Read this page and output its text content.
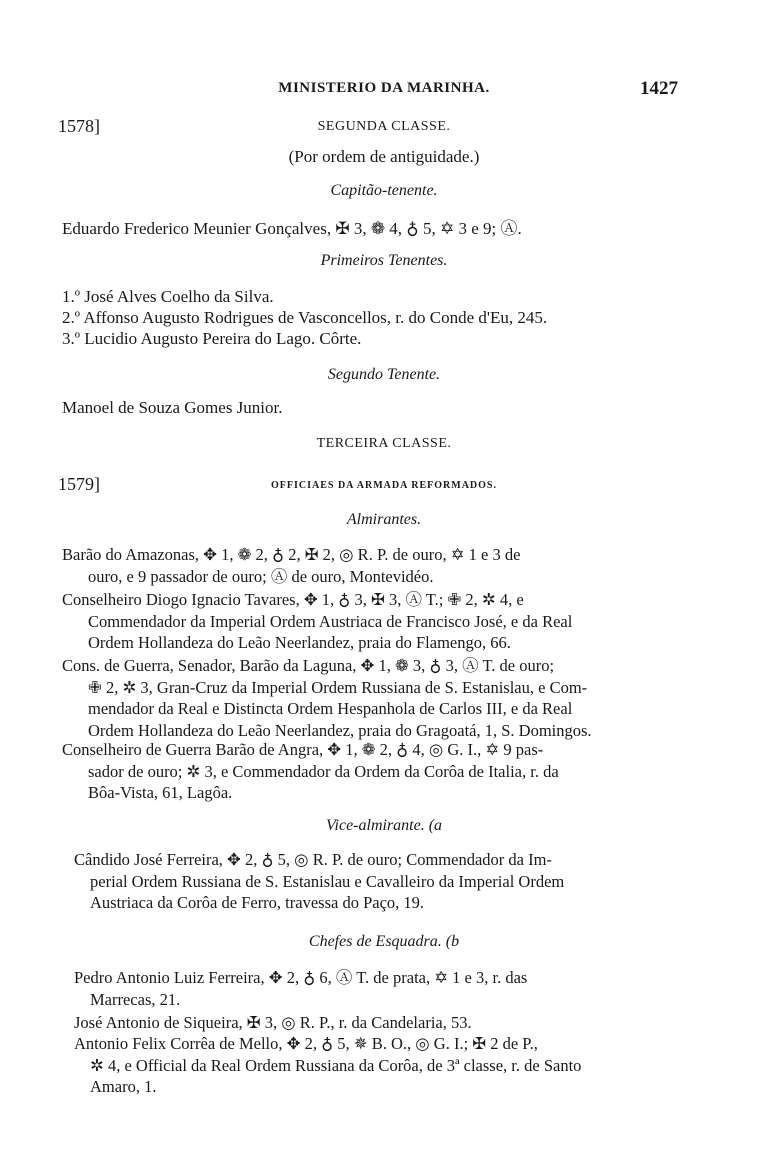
MINISTERIO DA MARINHA.	1427
1578]	SEGUNDA CLASSE.
(Por ordem de antiguidade.)
Capitão-tenente.
Eduardo Frederico Meunier Gonçalves, ✠ 3, ❁ 4, ♁ 5, ✡ 3 e 9; Ⓐ.
Primeiros Tenentes.
1.º José Alves Coelho da Silva.
2.º Affonso Augusto Rodrigues de Vasconcellos, r. do Conde d'Eu, 245.
3.º Lucidio Augusto Pereira do Lago. Côrte.
Segundo Tenente.
Manoel de Souza Gomes Junior.
TERCEIRA CLASSE.
1579]	OFFICIAES DA ARMADA REFORMADOS.
Almirantes.
Barão do Amazonas, ✥ 1, ❁ 2, ♁ 2, ✠ 2, ◎ R. P. de ouro, ✡ 1 e 3 de
ouro, e 9 passador de ouro; Ⓐ de ouro, Montevidéo.
Conselheiro Diogo Ignacio Tavares, ✥ 1, ♁ 3, ✠ 3, Ⓐ T.; ✙ 2, ✲ 4, e
Commendador da Imperial Ordem Austriaca de Francisco José, e da Real
Ordem Hollandeza do Leão Neerlandez, praia do Flamengo, 66.
Cons. de Guerra, Senador, Barão da Laguna, ✥ 1, ❁ 3, ♁ 3, Ⓐ T. de ouro;
✙ 2, ✲ 3, Gran-Cruz da Imperial Ordem Russiana de S. Estanislau, e Com-
mendador da Real e Distincta Ordem Hespanhola de Carlos III, e da Real
Ordem Hollandeza do Leão Neerlandez, praia do Gragoatá, 1, S. Domingos.
Conselheiro de Guerra Barão de Angra, ✥ 1, ❁ 2, ♁ 4, ◎ G. I., ✡ 9 pas-
sador de ouro; ✲ 3, e Commendador da Ordem da Corôa de Italia, r. da
Bôa-Vista, 61, Lagôa.
Vice-almirante. (a
Cândido José Ferreira, ✥ 2, ♁ 5, ◎ R. P. de ouro; Commendador da Im-
perial Ordem Russiana de S. Estanislau e Cavalleiro da Imperial Ordem
Austriaca da Corôa de Ferro, travessa do Paço, 19.
Chefes de Esquadra. (b
Pedro Antonio Luiz Ferreira, ✥ 2, ♁ 6, Ⓐ T. de prata, ✡ 1 e 3, r. das
Marrecas, 21.
José Antonio de Siqueira, ✠ 3, ◎ R. P., r. da Candelaria, 53.
Antonio Felix Corrêa de Mello, ✥ 2, ♁ 5, ✵ B. O., ◎ G. I.; ✠ 2 de P.,
✲ 4, e Official da Real Ordem Russiana da Corôa, de 3ª classe, r. de Santo
Amaro, 1.
